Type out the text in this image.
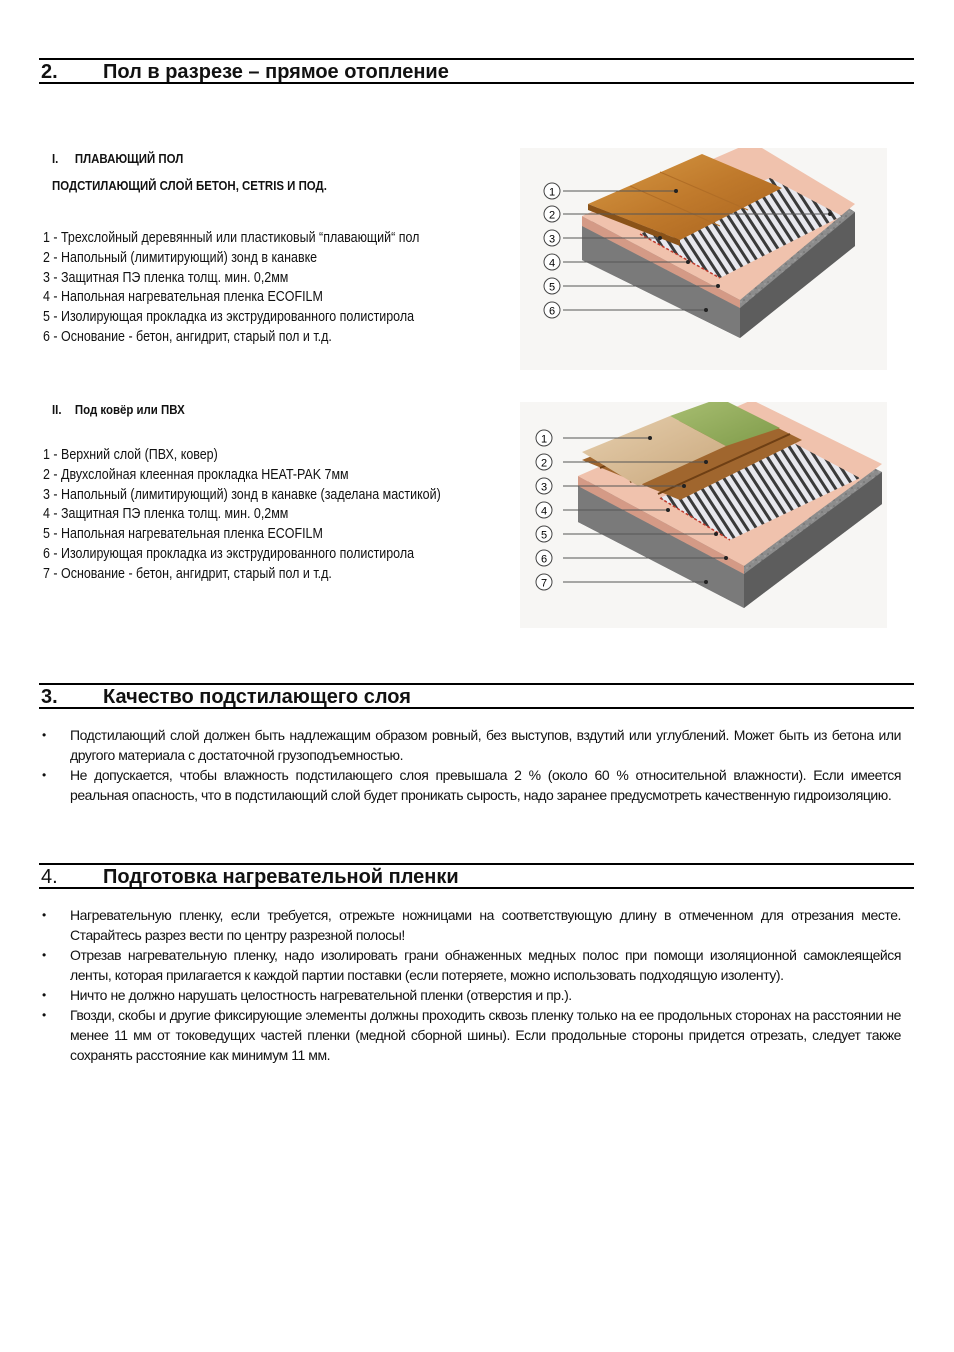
2. Пол в разрезе – прямое отопление
I. ПЛАВАЮЩИЙ ПОЛ
ПОДСТИЛАЮЩИЙ СЛОЙ БЕТОН, CETRIS И ПОД.
1 - Трехслойный деревянный или пластиковый “плавающий“ пол
2 - Напольный (лимитирующий) зонд в канавке
3 - Защитная ПЭ пленка толщ. мин. 0,2мм
4 - Напольная нагревательная пленка ECOFILM
5 - Изолирующая прокладка из экструдированного полистирола
6 - Основание - бетон, ангидрит, старый пол и т.д.
1
2
3
4
5
6
II. Под ковёр или ПВХ
1 - Верхний слой (ПВХ, ковер)
2 - Двухслойная клеенная прокладка HEAT-PAK 7мм
3 - Напольный (лимитирующий) зонд в канавке (заделана мастикой)
4 - Защитная ПЭ пленка толщ. мин. 0,2мм
5 - Напольная нагревательная пленка ECOFILM
6 - Изолирующая прокладка из экструдированного полистирола
7 - Основание - бетон, ангидрит, старый пол и т.д.
1
2
3
4
5
6
7
3. Качество подстилающего слоя
• Подстилающий слой должен быть надлежащим образом ровный, без выступов, вздутий или углублений. Может быть из бетона или другого материала с достаточной грузоподъемностью.
• Не допускается, чтобы влажность подстилающего слоя превышала 2 % (около 60 % относительной влажности). Если имеется реальная опасность, что в подстилающий слой будет проникать сырость, надо заранее предусмотреть качественную гидроизоляцию.
4. Подготовка нагревательной пленки
• Нагревательную пленку, если требуется, отрежьте ножницами на соответствующую длину в отмеченном для отрезания месте. Старайтесь разрез вести по центру разрезной полосы!
• Отрезав нагревательную пленку, надо изолировать грани обнаженных медных полос при помощи изоляционной самоклеящейся ленты, которая прилагается к каждой партии поставки (если потеряете, можно использовать подходящую изоленту).
• Ничто не должно нарушать целостность нагревательной пленки (отверстия и пр.).
• Гвозди, скобы и другие фиксирующие элементы должны проходить сквозь пленку только на ее продольных сторонах на расстоянии не менее 11 мм от токоведущих частей пленки (медной сборной шины). Если продольные стороны придется отрезать, следует также сохранять расстояние как минимум 11 мм.
